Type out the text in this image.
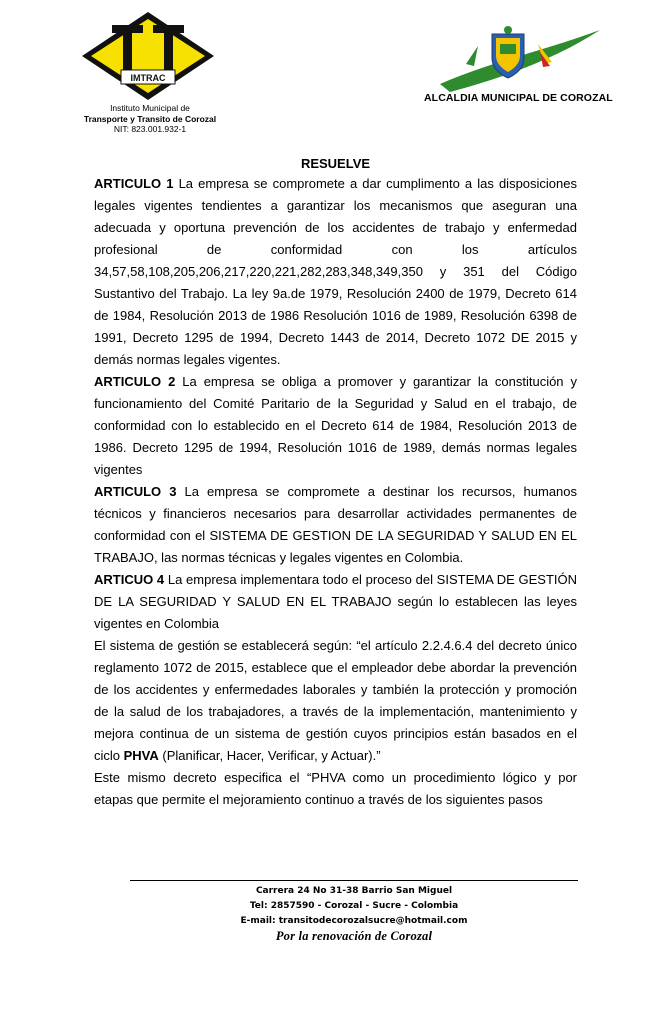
IMTRAC
Instituto Municipal de
Transporte y Transito de Corozal
NIT: 823.001.932-1
ALCALDIA MUNICIPAL DE COROZAL
RESUELVE

ARTICULO 1 La empresa se compromete a dar cumplimento a las disposiciones legales vigentes tendientes a garantizar los mecanismos que aseguran una adecuada y oportuna prevención de los accidentes de trabajo y enfermedad profesional de conformidad con los artículos 34,57,58,108,205,206,217,220,221,282,283,348,349,350 y 351 del Código Sustantivo del Trabajo. La ley 9a.de 1979, Resolución 2400 de 1979, Decreto 614 de 1984, Resolución 2013 de 1986 Resolución 1016 de 1989, Resolución 6398 de 1991, Decreto 1295 de 1994, Decreto 1443 de 2014, Decreto 1072 DE 2015 y demás normas legales vigentes.

ARTICULO 2 La empresa se obliga a promover y garantizar la constitución y funcionamiento del Comité Paritario de la Seguridad y Salud en el trabajo, de conformidad con lo establecido en el Decreto 614 de 1984, Resolución 2013 de 1986. Decreto 1295 de 1994, Resolución 1016 de 1989, demás normas legales vigentes

ARTICULO 3 La empresa se compromete a destinar los recursos, humanos técnicos y financieros necesarios para desarrollar actividades permanentes de conformidad con el SISTEMA DE GESTION DE LA SEGURIDAD Y SALUD EN EL TRABAJO, las normas técnicas y legales vigentes en Colombia.

ARTICUO 4 La empresa implementara todo el proceso del SISTEMA DE GESTIÓN DE LA SEGURIDAD Y SALUD EN EL TRABAJO según lo establecen las leyes vigentes en Colombia

El sistema de gestión se establecerá según: “el artículo 2.2.4.6.4 del decreto único reglamento 1072 de 2015, establece que el empleador debe abordar la prevención de los accidentes y enfermedades laborales y también la protección y promoción de la salud de los trabajadores, a través de la implementación, mantenimiento y mejora continua de un sistema de gestión cuyos principios están basados en el ciclo PHVA (Planificar, Hacer, Verificar, y Actuar).”

Este mismo decreto especifica el “PHVA como un procedimiento lógico y por etapas que permite el mejoramiento continuo a través de los siguientes pasos

Carrera 24 No 31-38 Barrio San Miguel
Tel: 2857590 - Corozal - Sucre - Colombia
E-mail: transitodecorozalsucre@hotmail.com
Por la renovación de Corozal
